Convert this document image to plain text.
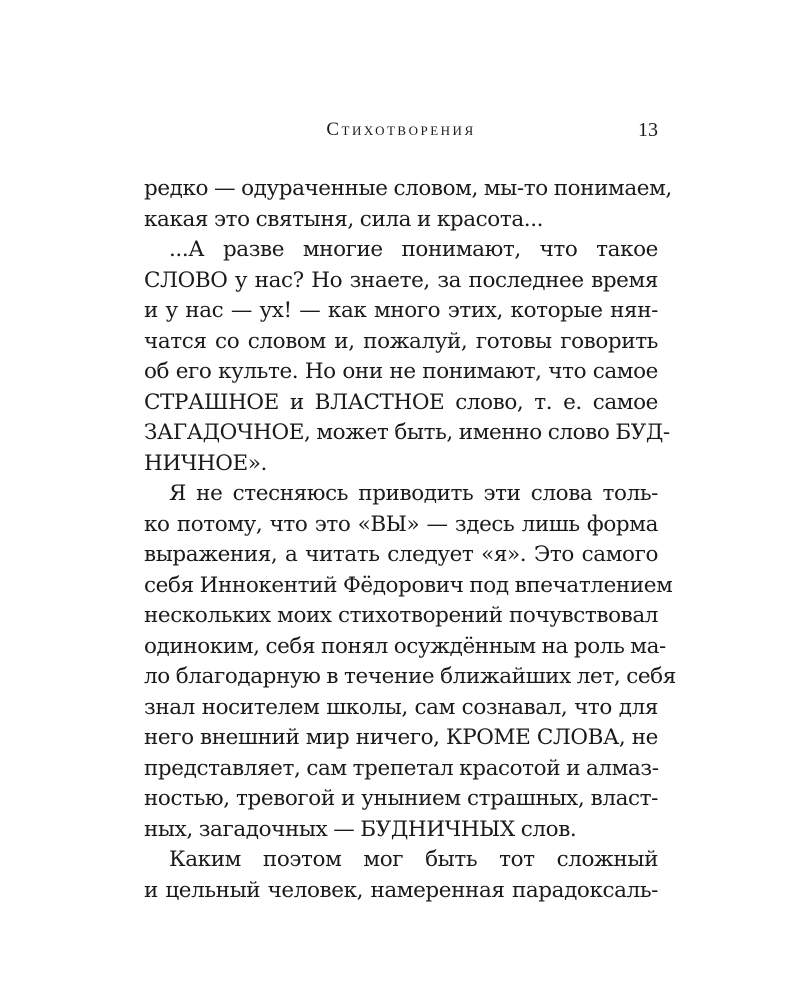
Стихотворения	13
редко — одураченные словом, мы-то понимаем,
какая это святыня, сила и красота...
...А разве многие понимают, что такое
СЛОВО у нас? Но знаете, за последнее время
и у нас — ух! — как много этих, которые нян-
чатся со словом и, пожалуй, готовы говорить
об его культе. Но они не понимают, что самое
СТРАШНОЕ и ВЛАСТНОЕ слово, т. е. самое
ЗАГАДОЧНОЕ, может быть, именно слово БУД-
НИЧНОЕ».
Я не стесняюсь приводить эти слова толь-
ко потому, что это «ВЫ» — здесь лишь форма
выражения, а читать следует «я». Это самого
себя Иннокентий Фёдорович под впечатлением
нескольких моих стихотворений почувствовал
одиноким, себя понял осуждённым на роль ма-
ло благодарную в течение ближайших лет, себя
знал носителем школы, сам сознавал, что для
него внешний мир ничего, КРОМЕ СЛОВА, не
представляет, сам трепетал красотой и алмаз-
ностью, тревогой и унынием страшных, власт-
ных, загадочных — БУДНИЧНЫХ слов.
Каким поэтом мог быть тот сложный
и цельный человек, намеренная парадоксаль-
